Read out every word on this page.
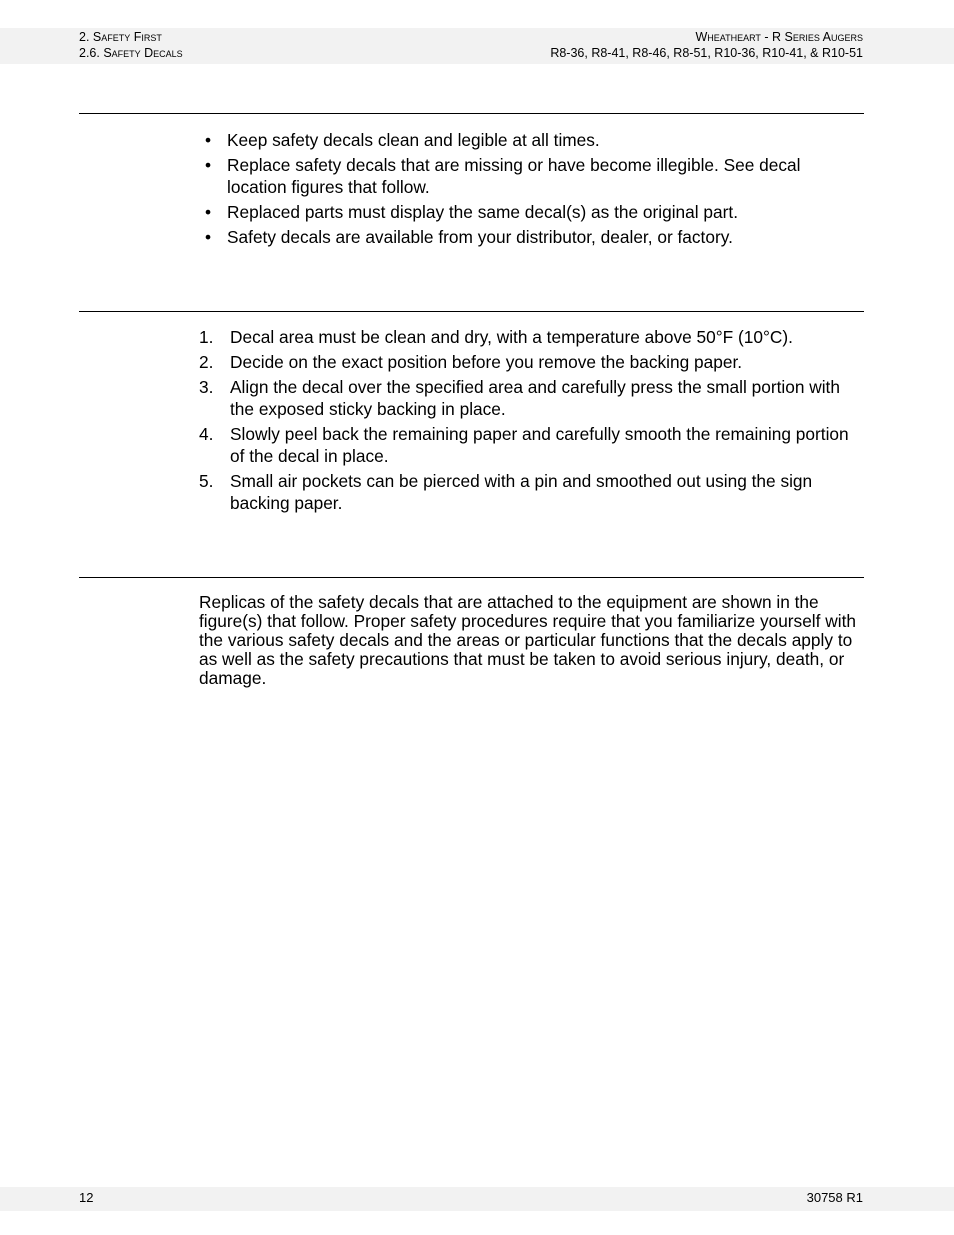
2. Safety First
2.6. Safety Decals
Wheatheart - R Series Augers
R8-36, R8-41, R8-46, R8-51, R10-36, R10-41, & R10-51
• Keep safety decals clean and legible at all times.
• Replace safety decals that are missing or have become illegible. See decal location figures that follow.
• Replaced parts must display the same decal(s) as the original part.
• Safety decals are available from your distributor, dealer, or factory.
1. Decal area must be clean and dry, with a temperature above 50°F (10°C).
2. Decide on the exact position before you remove the backing paper.
3. Align the decal over the specified area and carefully press the small portion with the exposed sticky backing in place.
4. Slowly peel back the remaining paper and carefully smooth the remaining portion of the decal in place.
5. Small air pockets can be pierced with a pin and smoothed out using the sign backing paper.

Replicas of the safety decals that are attached to the equipment are shown in the figure(s) that follow. Proper safety procedures require that you familiarize yourself with the various safety decals and the areas or particular functions that the decals apply to as well as the safety precautions that must be taken to avoid serious injury, death, or damage.

12	30758 R1
